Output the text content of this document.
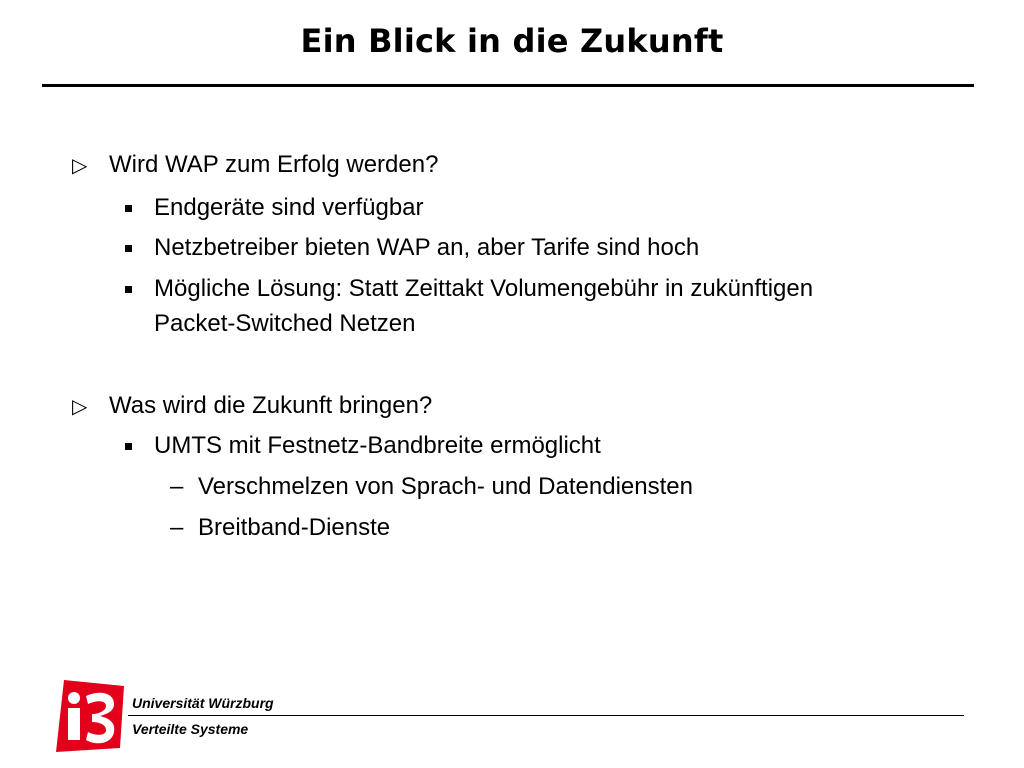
Ein Blick in die Zukunft
▷ Wird WAP zum Erfolg werden?
Endgeräte sind verfügbar
Netzbetreiber bieten WAP an, aber Tarife sind hoch
Mögliche Lösung: Statt Zeittakt Volumengebühr in zukünftigen
Packet-Switched Netzen
▷ Was wird die Zukunft bringen?
UMTS mit Festnetz-Bandbreite ermöglicht
– Verschmelzen von Sprach- und Datendiensten
– Breitband-Dienste
Universität Würzburg
Verteilte Systeme
